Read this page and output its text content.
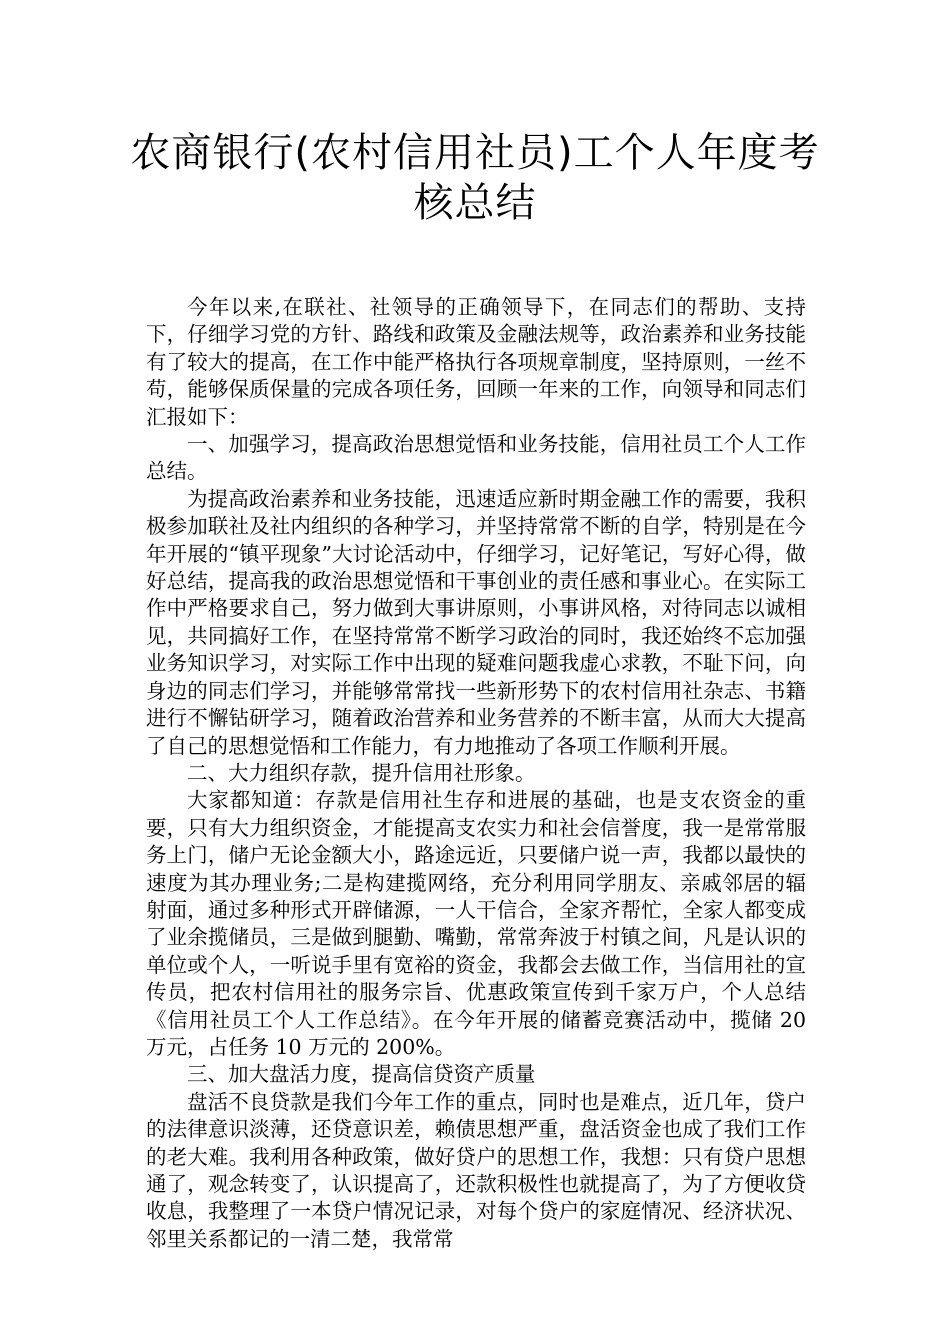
农商银行(农村信用社员)工个人年度考核总结

今年以来,在联社、社领导的正确领导下，在同志们的帮助、支持下，仔细学习党的方针、路线和政策及金融法规等，政治素养和业务技能有了较大的提高，在工作中能严格执行各项规章制度，坚持原则，一丝不苟，能够保质保量的完成各项任务，回顾一年来的工作，向领导和同志们汇报如下：

一、加强学习，提高政治思想觉悟和业务技能，信用社员工个人工作总结。

为提高政治素养和业务技能，迅速适应新时期金融工作的需要，我积极参加联社及社内组织的各种学习，并坚持常常不断的自学，特别是在今年开展的“镇平现象”大讨论活动中，仔细学习，记好笔记，写好心得，做好总结，提高我的政治思想觉悟和干事创业的责任感和事业心。在实际工作中严格要求自己，努力做到大事讲原则，小事讲风格，对待同志以诚相见，共同搞好工作，在坚持常常不断学习政治的同时，我还始终不忘加强业务知识学习，对实际工作中出现的疑难问题我虚心求教，不耻下问，向身边的同志们学习，并能够常常找一些新形势下的农村信用社杂志、书籍进行不懈钻研学习，随着政治营养和业务营养的不断丰富，从而大大提高了自己的思想觉悟和工作能力，有力地推动了各项工作顺利开展。

二、大力组织存款，提升信用社形象。

大家都知道：存款是信用社生存和进展的基础，也是支农资金的重要，只有大力组织资金，才能提高支农实力和社会信誉度，我一是常常服务上门，储户无论金额大小，路途远近，只要储户说一声，我都以最快的速度为其办理业务;二是构建揽网络，充分利用同学朋友、亲戚邻居的辐射面，通过多种形式开辟储源，一人干信合，全家齐帮忙，全家人都变成了业余揽储员，三是做到腿勤、嘴勤，常常奔波于村镇之间，凡是认识的单位或个人，一听说手里有宽裕的资金，我都会去做工作，当信用社的宣传员，把农村信用社的服务宗旨、优惠政策宣传到千家万户，个人总结《信用社员工个人工作总结》。在今年开展的储蓄竞赛活动中，揽储 20 万元，占任务 10 万元的 200%。

三、加大盘活力度，提高信贷资产质量

盘活不良贷款是我们今年工作的重点，同时也是难点，近几年，贷户的法律意识淡薄，还贷意识差，赖债思想严重，盘活资金也成了我们工作的老大难。我利用各种政策，做好贷户的思想工作，我想：只有贷户思想通了，观念转变了，认识提高了，还款积极性也就提高了，为了方便收贷收息，我整理了一本贷户情况记录，对每个贷户的家庭情况、经济状况、邻里关系都记的一清二楚，我常常
